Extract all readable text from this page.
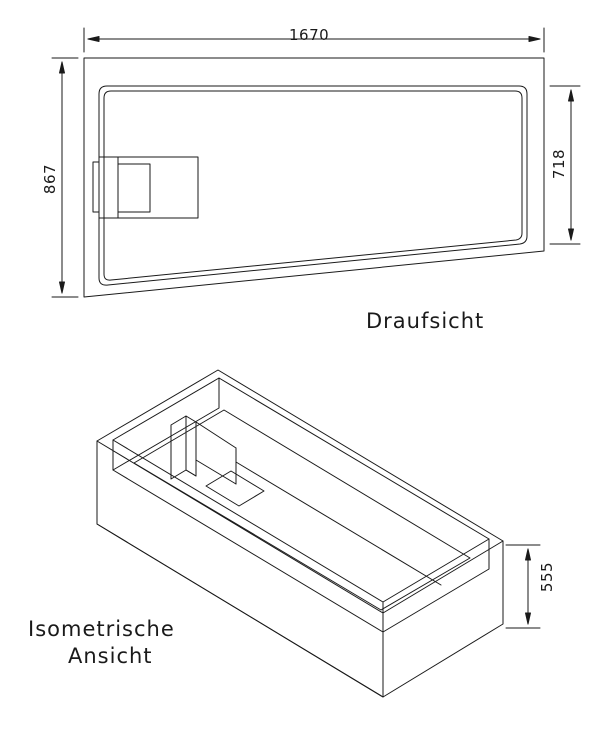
1670
867	718
555
Draufsicht
Isometrische
Ansicht
